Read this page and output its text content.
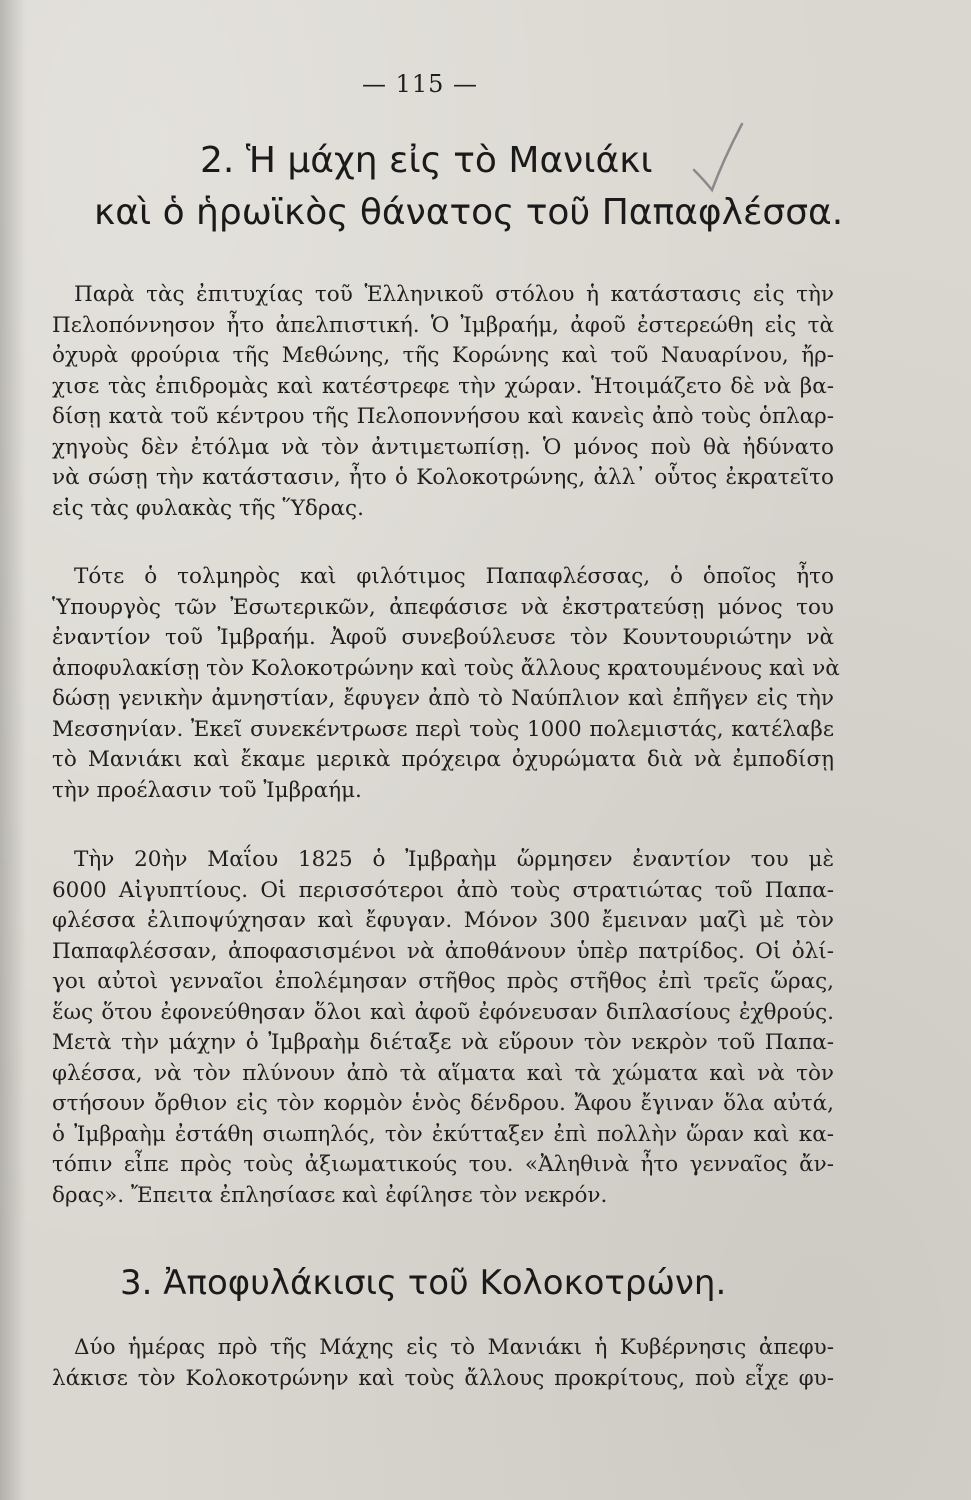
— 115 —
2. Ἡ μάχη εἰς τὸ Μανιάκι
καὶ ὁ ἡρωϊκὸς θάνατος τοῦ Παπαφλέσσα.
Παρὰ τὰς ἐπιτυχίας τοῦ Ἑλληνικοῦ στόλου ἡ κατάστασις εἰς τὴν
Πελοπόννησον ἦτο ἀπελπιστική. Ὁ Ἰμβραήμ, ἀφοῦ ἐστερεώθη εἰς τὰ
ὀχυρὰ φρούρια τῆς Μεθώνης, τῆς Κορώνης καὶ τοῦ Ναυαρίνου, ἤρ-
χισε τὰς ἐπιδρομὰς καὶ κατέστρεφε τὴν χώραν. Ἡτοιμάζετο δὲ νὰ βα-
δίσῃ κατὰ τοῦ κέντρου τῆς Πελοποννήσου καὶ κανεὶς ἀπὸ τοὺς ὁπλαρ-
χηγοὺς δὲν ἐτόλμα νὰ τὸν ἀντιμετωπίσῃ. Ὁ μόνος ποὺ θὰ ἠδύνατο
νὰ σώσῃ τὴν κατάστασιν, ἦτο ὁ Κολοκοτρώνης, ἀλλ᾿ οὗτος ἐκρατεῖτο
εἰς τὰς φυλακὰς τῆς Ὕδρας.
Τότε ὁ τολμηρὸς καὶ φιλότιμος Παπαφλέσσας, ὁ ὁποῖος ἦτο
Ὑπουργὸς τῶν Ἐσωτερικῶν, ἀπεφάσισε νὰ ἐκστρατεύσῃ μόνος του
ἐναντίον τοῦ Ἰμβραήμ. Ἀφοῦ συνεβούλευσε τὸν Κουντουριώτην νὰ
ἀποφυλακίσῃ τὸν Κολοκοτρώνην καὶ τοὺς ἄλλους κρατουμένους καὶ νὰ
δώσῃ γενικὴν ἀμνηστίαν, ἔφυγεν ἀπὸ τὸ Ναύπλιον καὶ ἐπῆγεν εἰς τὴν
Μεσσηνίαν. Ἐκεῖ συνεκέντρωσε περὶ τοὺς 1000 πολεμιστάς, κατέλαβε
τὸ Μανιάκι καὶ ἔκαμε μερικὰ πρόχειρα ὀχυρώματα διὰ νὰ ἐμποδίσῃ
τὴν προέλασιν τοῦ Ἰμβραήμ.
Τὴν 20ὴν Μαΐου 1825 ὁ Ἰμβραὴμ ὥρμησεν ἐναντίον του μὲ
6000 Αἰγυπτίους. Οἱ περισσότεροι ἀπὸ τοὺς στρατιώτας τοῦ Παπα-
φλέσσα ἐλιποψύχησαν καὶ ἔφυγαν. Μόνον 300 ἔμειναν μαζὶ μὲ τὸν
Παπαφλέσσαν, ἀποφασισμένοι νὰ ἀποθάνουν ὑπὲρ πατρίδος. Οἱ ὀλί-
γοι αὐτοὶ γενναῖοι ἐπολέμησαν στῆθος πρὸς στῆθος ἐπὶ τρεῖς ὥρας,
ἕως ὅτου ἐφονεύθησαν ὅλοι καὶ ἀφοῦ ἐφόνευσαν διπλασίους ἐχθρούς.
Μετὰ τὴν μάχην ὁ Ἰμβραὴμ διέταξε νὰ εὕρουν τὸν νεκρὸν τοῦ Παπα-
φλέσσα, νὰ τὸν πλύνουν ἀπὸ τὰ αἵματα καὶ τὰ χώματα καὶ νὰ τὸν
στήσουν ὄρθιον εἰς τὸν κορμὸν ἑνὸς δένδρου. Ἄφου ἔγιναν ὅλα αὐτά,
ὁ Ἰμβραὴμ ἐστάθη σιωπηλός, τὸν ἐκύτταξεν ἐπὶ πολλὴν ὥραν καὶ κα-
τόπιν εἶπε πρὸς τοὺς ἀξιωματικούς του. «Ἀληθινὰ ἦτο γενναῖος ἄν-
δρας». Ἔπειτα ἐπλησίασε καὶ ἐφίλησε τὸν νεκρόν.
3. Ἀποφυλάκισις τοῦ Κολοκοτρώνη.
Δύο ἡμέρας πρὸ τῆς Μάχης εἰς τὸ Μανιάκι ἡ Κυβέρνησις ἀπεφυ-
λάκισε τὸν Κολοκοτρώνην καὶ τοὺς ἄλλους προκρίτους, ποὺ εἶχε φυ-
